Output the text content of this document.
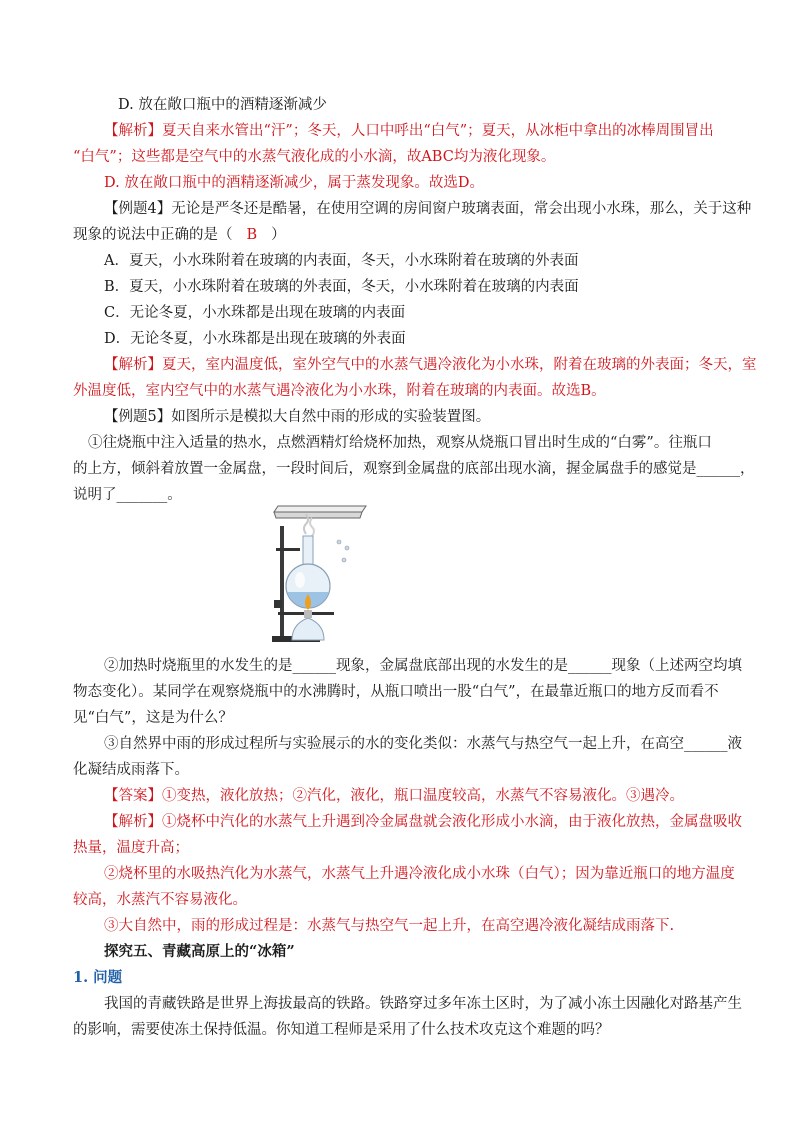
D. 放在敞口瓶中的酒精逐渐减少
【解析】夏天自来水管出“汗”；冬天，人口中呼出“白气”；夏天，从冰柜中拿出的冰棒周围冒出
“白气”；这些都是空气中的水蒸气液化成的小水滴，故ABC均为液化现象。
D. 放在敞口瓶中的酒精逐渐减少，属于蒸发现象。故选D。
【例题4】无论是严冬还是酷暑，在使用空调的房间窗户玻璃表面，常会出现小水珠，那么，关于这种
现象的说法中正确的是（ B ）
A．夏天，小水珠附着在玻璃的内表面，冬天，小水珠附着在玻璃的外表面
B．夏天，小水珠附着在玻璃的外表面，冬天，小水珠附着在玻璃的内表面
C．无论冬夏，小水珠都是出现在玻璃的内表面
D．无论冬夏，小水珠都是出现在玻璃的外表面
【解析】夏天，室内温度低，室外空气中的水蒸气遇冷液化为小水珠，附着在玻璃的外表面；冬天，室
外温度低，室内空气中的水蒸气遇冷液化为小水珠，附着在玻璃的内表面。故选B。
【例题5】如图所示是模拟大自然中雨的形成的实验装置图。
①往烧瓶中注入适量的热水，点燃酒精灯给烧杯加热，观察从烧瓶口冒出时生成的“白雾”。往瓶口
的上方，倾斜着放置一金属盘，一段时间后，观察到金属盘的底部出现水滴，握金属盘手的感觉是______，
说明了_______。
②加热时烧瓶里的水发生的是______现象，金属盘底部出现的水发生的是______现象（上述两空均填
物态变化）。某同学在观察烧瓶中的水沸腾时，从瓶口喷出一股“白气”，在最靠近瓶口的地方反而看不
见“白气”，这是为什么？
③自然界中雨的形成过程所与实验展示的水的变化类似：水蒸气与热空气一起上升，在高空______液
化凝结成雨落下。
【答案】①变热，液化放热；②汽化，液化，瓶口温度较高，水蒸气不容易液化。③遇冷。
【解析】①烧杯中汽化的水蒸气上升遇到冷金属盘就会液化形成小水滴，由于液化放热，金属盘吸收
热量，温度升高；
②烧杯里的水吸热汽化为水蒸气，水蒸气上升遇冷液化成小水珠（白气）；因为靠近瓶口的地方温度
较高，水蒸汽不容易液化。
③大自然中，雨的形成过程是：水蒸气与热空气一起上升，在高空遇冷液化凝结成雨落下.
探究五、青藏高原上的“冰箱”
1. 问题
我国的青藏铁路是世界上海拔最高的铁路。铁路穿过多年冻土区时，为了减小冻土因融化对路基产生
的影响，需要使冻土保持低温。你知道工程师是采用了什么技术攻克这个难题的吗？
